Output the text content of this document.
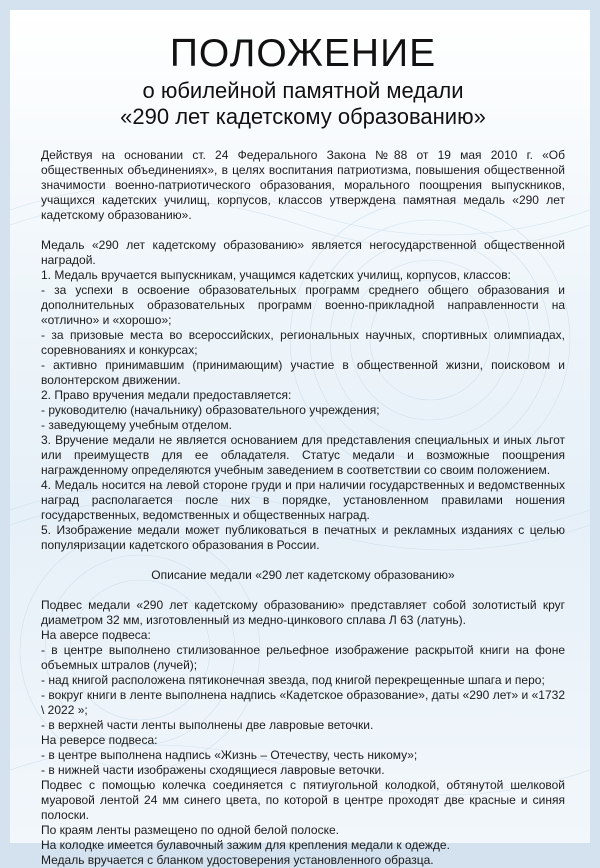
ПОЛОЖЕНИЕ
о юбилейной памятной медали
«290 лет кадетскому образованию»

Действуя на основании ст. 24 Федерального Закона №88 от 19 мая 2010 г. «Об общественных объединениях», в целях воспитания патриотизма, повышения общественной значимости военно-патриотического образования, морального поощрения выпускников, учащихся кадетских училищ, корпусов, классов утверждена памятная медаль «290 лет кадетскому образованию».

Медаль «290 лет кадетскому образованию» является негосударственной общественной наградой.

1. Медаль вручается выпускникам, учащимся кадетских училищ, корпусов, классов:

- за успехи в освоение образовательных программ среднего общего образования и дополнительных образовательных программ военно-прикладной направленности на «отлично» и «хорошо»;

- за призовые места во всероссийских, региональных научных, спортивных олимпиадах, соревнованиях и конкурсах;

- активно принимавшим (принимающим) участие в общественной жизни, поисковом и волонтерском движении.

2. Право вручения медали предоставляется:

- руководителю (начальнику) образовательного учреждения;

- заведующему учебным отделом.

3. Вручение медали не является основанием для представления специальных и иных льгот или преимуществ для ее обладателя. Статус медали и возможные поощрения награжденному определяются учебным заведением в соответствии со своим положением.

4. Медаль носится на левой стороне груди и при наличии государственных и ведомственных наград располагается после них в порядке, установленном правилами ношения государственных, ведомственных и общественных наград.

5. Изображение медали может публиковаться в печатных и рекламных изданиях с целью популяризации кадетского образования в России.

Описание медали «290 лет кадетскому образованию»

Подвес медали «290 лет кадетскому образованию» представляет собой золотистый круг диаметром 32 мм, изготовленный из медно-цинкового сплава Л 63 (латунь).

На аверсе подвеса:

- в центре выполнено стилизованное рельефное изображение раскрытой книги на фоне объемных штралов (лучей);

- над книгой расположена пятиконечная звезда, под книгой перекрещенные шпага и перо;

- вокруг книги в ленте выполнена надпись «Кадетское образование», даты «290 лет» и «1732 \ 2022 »;

- в верхней части ленты выполнены две лавровые веточки.

На реверсе подвеса:

- в центре выполнена надпись «Жизнь – Отечеству, честь никому»;

- в нижней части изображены сходящиеся лавровые веточки.

Подвес с помощью колечка соединяется с пятиугольной колодкой, обтянутой шелковой муаровой лентой 24 мм синего цвета, по которой в центре проходят две красные и синяя полоски.

По краям ленты размещено по одной белой полоске.

На колодке имеется булавочный зажим для крепления медали к одежде.

Медаль вручается с бланком удостоверения установленного образца.
